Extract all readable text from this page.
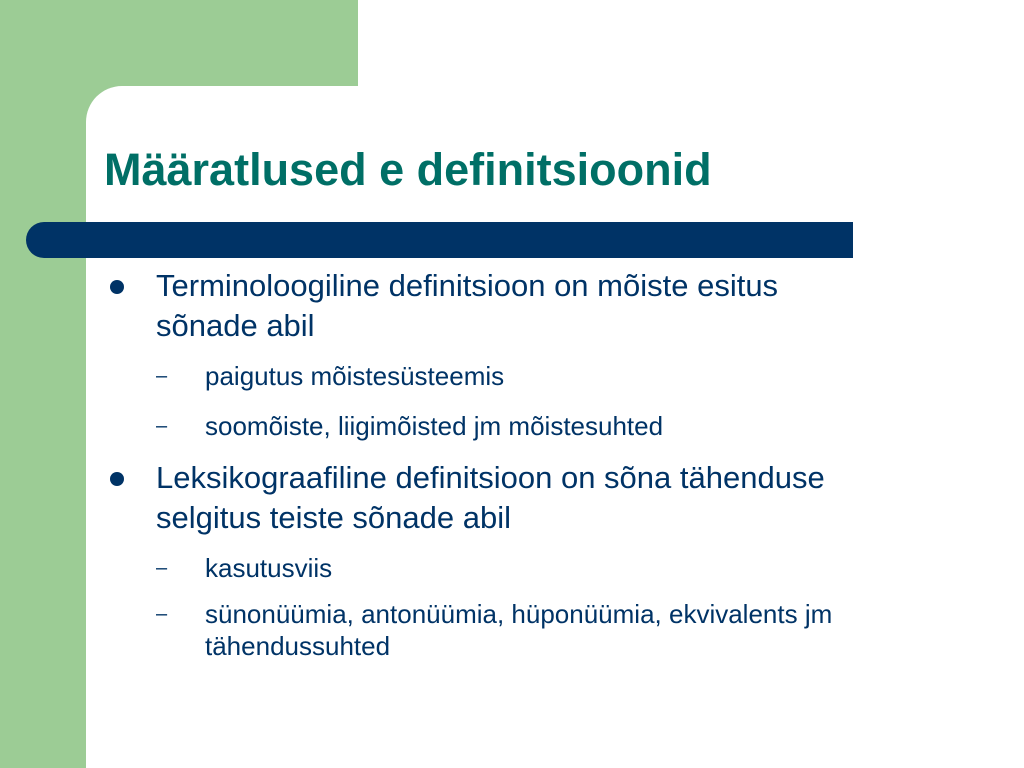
Määratlused e definitsioonid
Terminoloogiline definitsioon on mõiste esitus sõnade abil
– paigutus mõistesüsteemis
– soomõiste, liigimõisted jm mõistesuhted
Leksikograafiline definitsioon on sõna tähenduse selgitus teiste sõnade abil
– kasutusviis
– sünonüümia, antonüümia, hüponüümia, ekvivalents jm tähendussuhted
